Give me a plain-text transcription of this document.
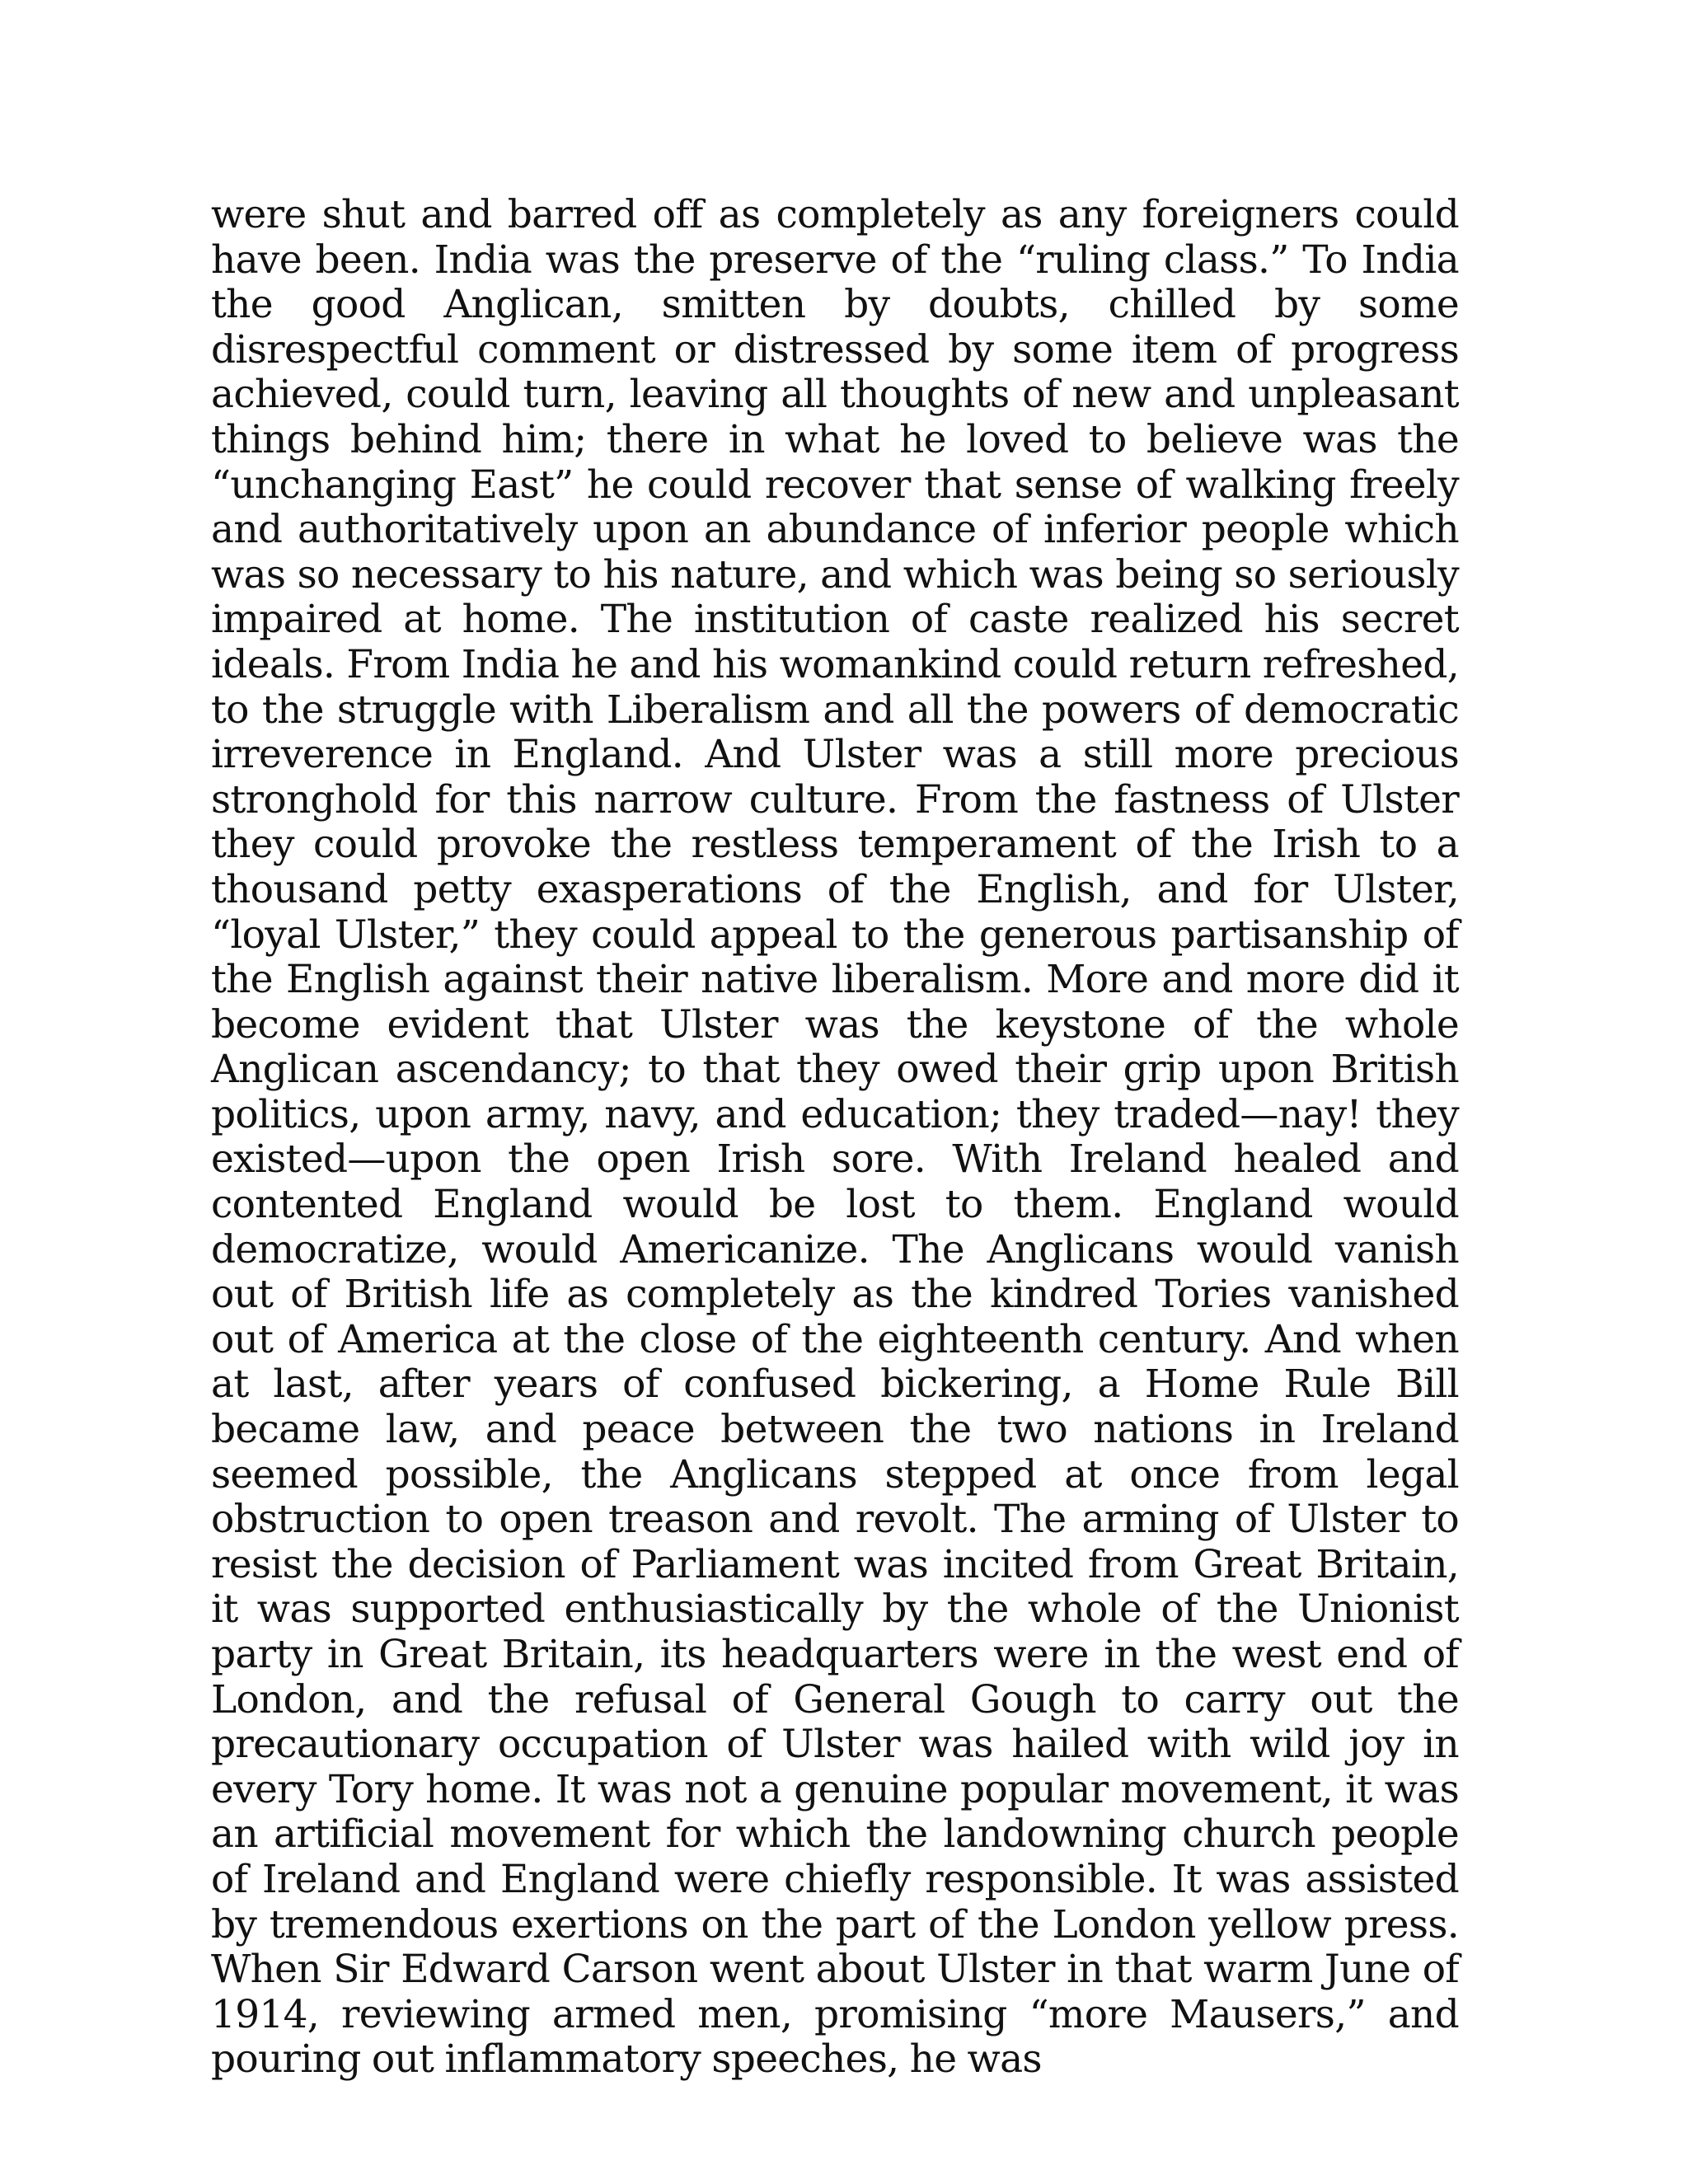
were shut and barred off as completely as any foreigners could have been. India was the preserve of the “ruling class.” To India the good Anglican, smitten by doubts, chilled by some disrespectful comment or distressed by some item of progress achieved, could turn, leaving all thoughts of new and unpleasant things behind him; there in what he loved to believe was the “unchanging East” he could recover that sense of walking freely and authoritatively upon an abundance of inferior people which was so necessary to his nature, and which was being so seriously impaired at home. The institution of caste realized his secret ideals. From India he and his womankind could return refreshed, to the struggle with Liberalism and all the powers of democratic irreverence in England. And Ulster was a still more precious stronghold for this narrow culture. From the fastness of Ulster they could provoke the restless temperament of the Irish to a thousand petty exasperations of the English, and for Ulster, “loyal Ulster,” they could appeal to the generous partisanship of the English against their native liberalism. More and more did it become evident that Ulster was the keystone of the whole Anglican ascendancy; to that they owed their grip upon British politics, upon army, navy, and education; they traded—nay! they existed—upon the open Irish sore. With Ireland healed and contented England would be lost to them. England would democratize, would Americanize. The Anglicans would vanish out of British life as completely as the kindred Tories vanished out of America at the close of the eighteenth century. And when at last, after years of confused bickering, a Home Rule Bill became law, and peace between the two nations in Ireland seemed possible, the Anglicans stepped at once from legal obstruction to open treason and revolt. The arming of Ulster to resist the decision of Parliament was incited from Great Britain, it was supported enthusiastically by the whole of the Unionist party in Great Britain, its headquarters were in the west end of London, and the refusal of General Gough to carry out the precautionary occupation of Ulster was hailed with wild joy in every Tory home. It was not a genuine popular movement, it was an artificial movement for which the landowning church people of Ireland and England were chiefly responsible. It was assisted by tremendous exertions on the part of the London yellow press. When Sir Edward Carson went about Ulster in that warm June of 1914, reviewing armed men, promising “more Mausers,” and pouring out inflammatory speeches, he was
